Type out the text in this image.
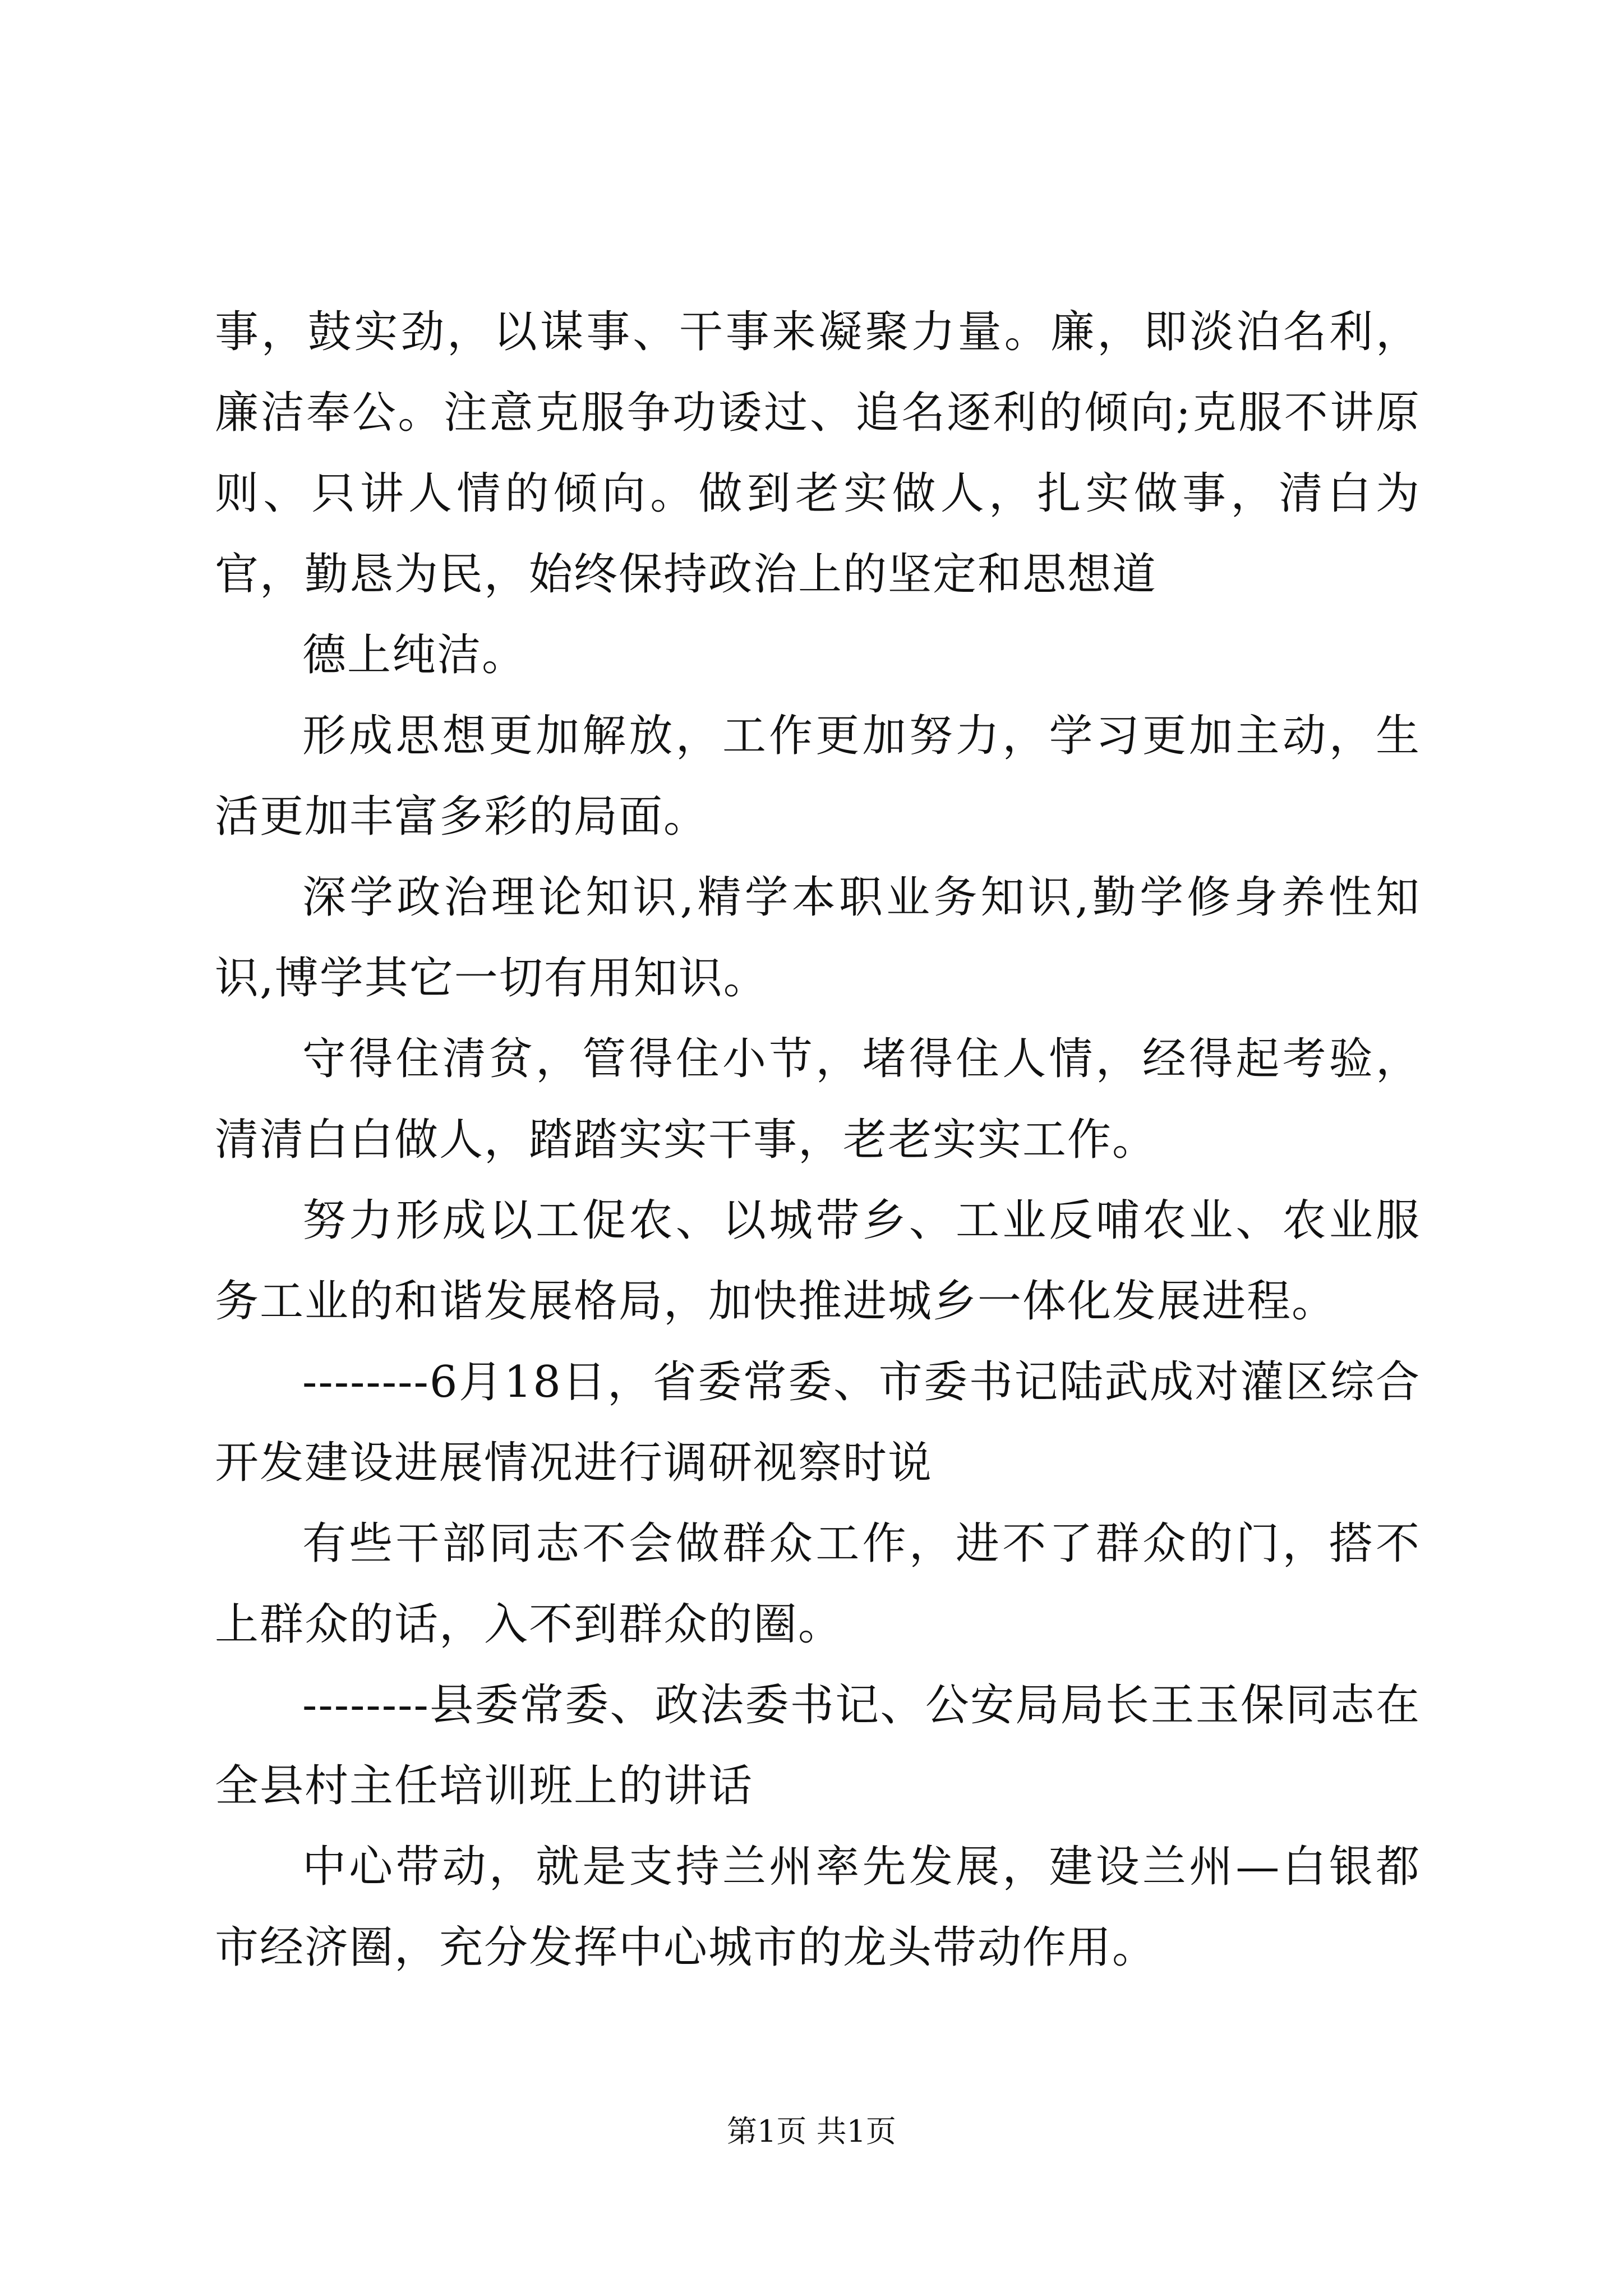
事，鼓实劲，以谋事、干事来凝聚力量。廉，即淡泊名利，廉洁奉公。注意克服争功诿过、追名逐利的倾向;克服不讲原则、只讲人情的倾向。做到老实做人，扎实做事，清白为官，勤恳为民，始终保持政治上的坚定和思想道

德上纯洁。

形成思想更加解放，工作更加努力，学习更加主动，生活更加丰富多彩的局面。

深学政治理论知识,精学本职业务知识,勤学修身养性知识,博学其它一切有用知识。

守得住清贫，管得住小节，堵得住人情，经得起考验，清清白白做人，踏踏实实干事，老老实实工作。

努力形成以工促农、以城带乡、工业反哺农业、农业服务工业的和谐发展格局，加快推进城乡一体化发展进程。

--------6月18日，省委常委、市委书记陆武成对灌区综合开发建设进展情况进行调研视察时说

有些干部同志不会做群众工作，进不了群众的门，搭不上群众的话，入不到群众的圈。

--------县委常委、政法委书记、公安局局长王玉保同志在全县村主任培训班上的讲话

中心带动，就是支持兰州率先发展，建设兰州—白银都市经济圈，充分发挥中心城市的龙头带动作用。

第1页 共1页
